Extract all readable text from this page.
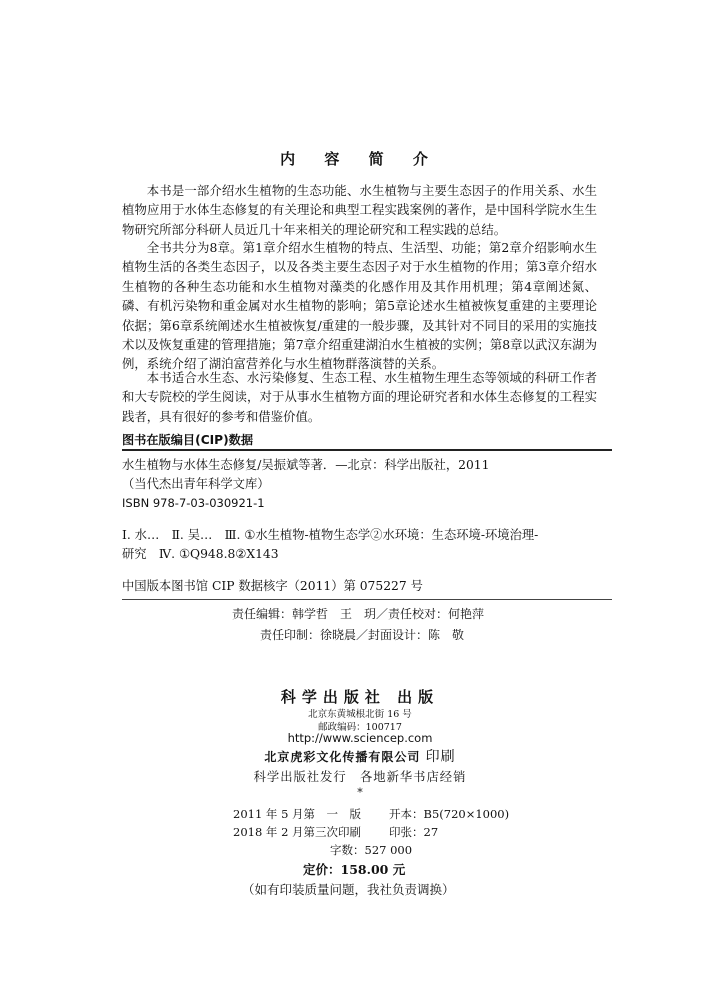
内 容 简 介
本书是一部介绍水生植物的生态功能、水生植物与主要生态因子的作用关系、水生植物应用于水体生态修复的有关理论和典型工程实践案例的著作，是中国科学院水生生物研究所部分科研人员近几十年来相关的理论研究和工程实践的总结。
全书共分为8章。第1章介绍水生植物的特点、生活型、功能；第2章介绍影响水生植物生活的各类生态因子，以及各类主要生态因子对于水生植物的作用；第3章介绍水生植物的各种生态功能和水生植物对藻类的化感作用及其作用机理；第4章阐述氮、磷、有机污染物和重金属对水生植物的影响；第5章论述水生植被恢复重建的主要理论依据；第6章系统阐述水生植被恢复/重建的一般步骤，及其针对不同目的采用的实施技术以及恢复重建的管理措施；第7章介绍重建湖泊水生植被的实例；第8章以武汉东湖为例，系统介绍了湖泊富营养化与水生植物群落演替的关系。
本书适合水生态、水污染修复、生态工程、水生植物生理生态等领域的科研工作者和大专院校的学生阅读，对于从事水生植物方面的理论研究者和水体生态修复的工程实践者，具有很好的参考和借鉴价值。
图书在版编目(CIP)数据
水生植物与水体生态修复/吴振斌等著．—北京：科学出版社，2011
（当代杰出青年科学文库）
ISBN 978-7-03-030921-1
Ⅰ. 水…　Ⅱ. 吴…　Ⅲ. ①水生植物-植物生态学②水环境：生态环境-环境治理-
研究　Ⅳ. ①Q948.8②X143
中国版本图书馆 CIP 数据核字（2011）第 075227 号
责任编辑：韩学哲　王　玥／责任校对：何艳萍
责任印制：徐晓晨／封面设计：陈　敬
科学出版社 出版
北京东黄城根北街 16 号
邮政编码：100717
http://www.sciencep.com
北京虎彩文化传播有限公司 印刷
科学出版社发行　各地新华书店经销
*
2011 年 5 月第　一　版 开本：B5(720×1000)
2018 年 2 月第三次印刷 印张：27
字数：527 000
定价：158.00 元
（如有印装质量问题，我社负责调换）
